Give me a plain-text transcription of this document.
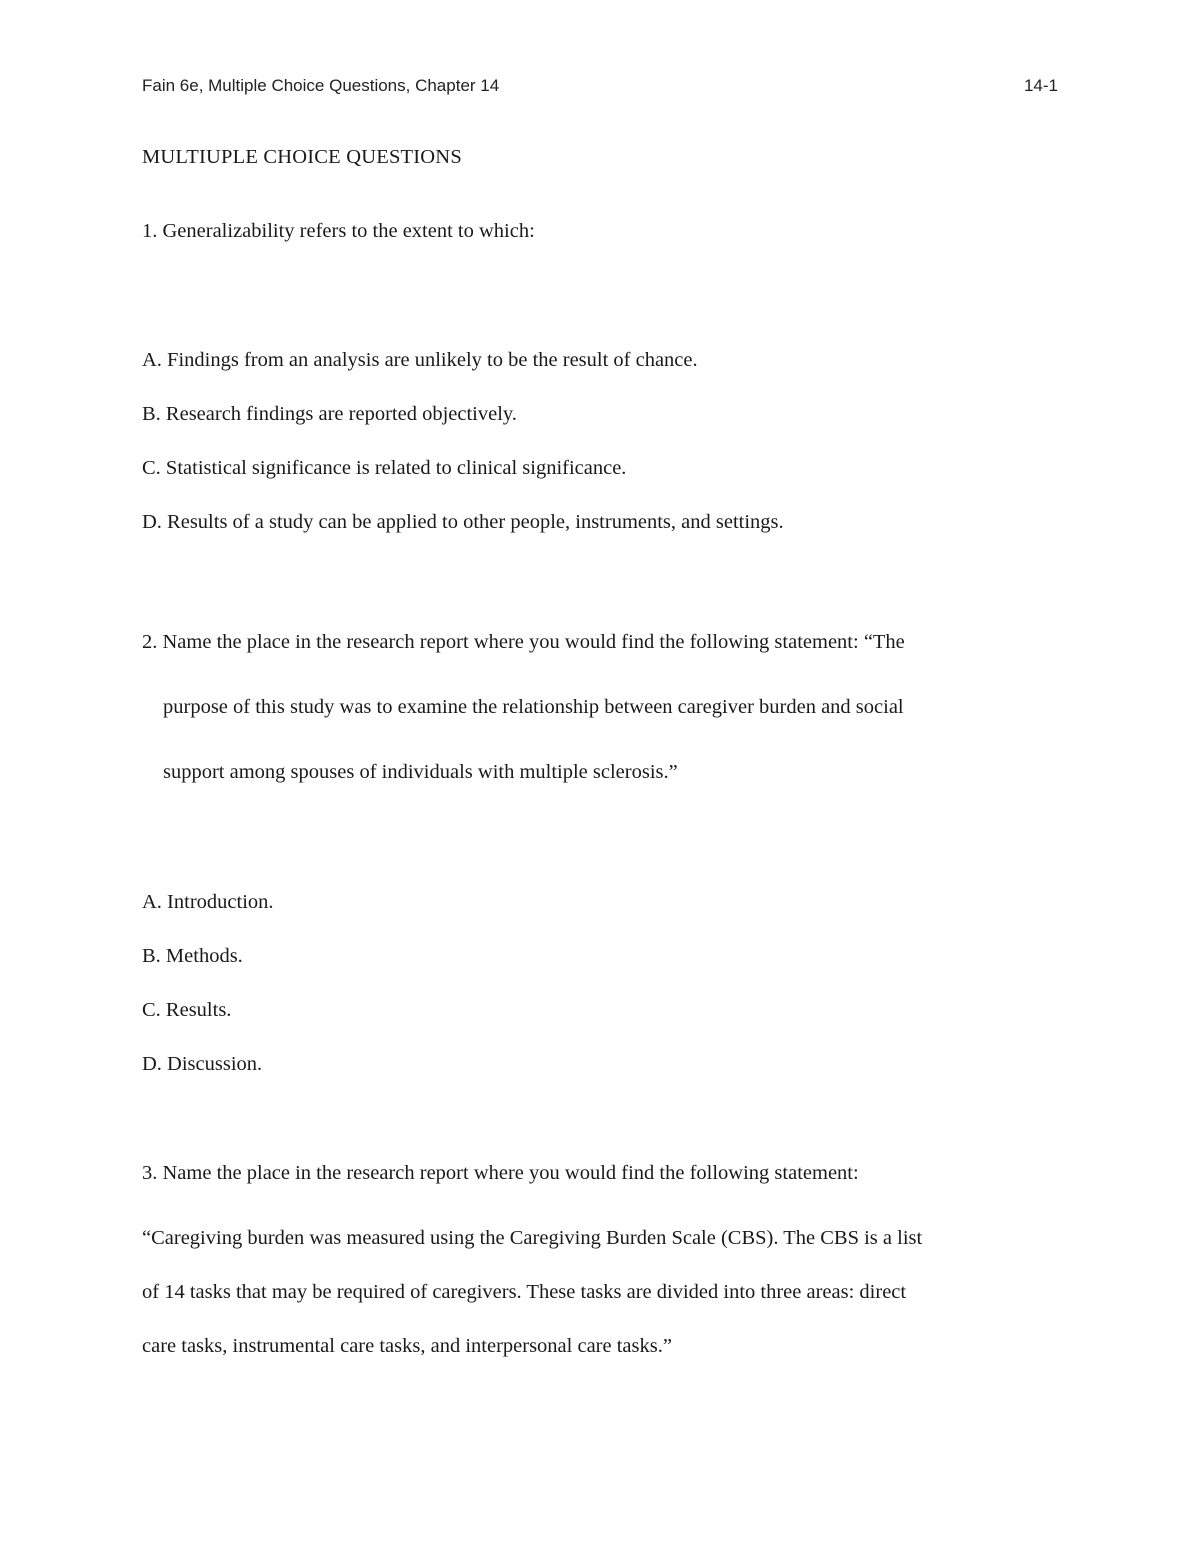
Fain 6e, Multiple Choice Questions, Chapter 14	14-1
MULTIUPLE CHOICE QUESTIONS
1. Generalizability refers to the extent to which:
A. Findings from an analysis are unlikely to be the result of chance.
B. Research findings are reported objectively.
C. Statistical significance is related to clinical significance.
D. Results of a study can be applied to other people, instruments, and settings.
2. Name the place in the research report where you would find the following statement: “The
purpose of this study was to examine the relationship between caregiver burden and social
support among spouses of individuals with multiple sclerosis.”
A. Introduction.
B. Methods.
C. Results.
D. Discussion.
3. Name the place in the research report where you would find the following statement:
“Caregiving burden was measured using the Caregiving Burden Scale (CBS). The CBS is a list
of 14 tasks that may be required of caregivers. These tasks are divided into three areas: direct
care tasks, instrumental care tasks, and interpersonal care tasks.”
